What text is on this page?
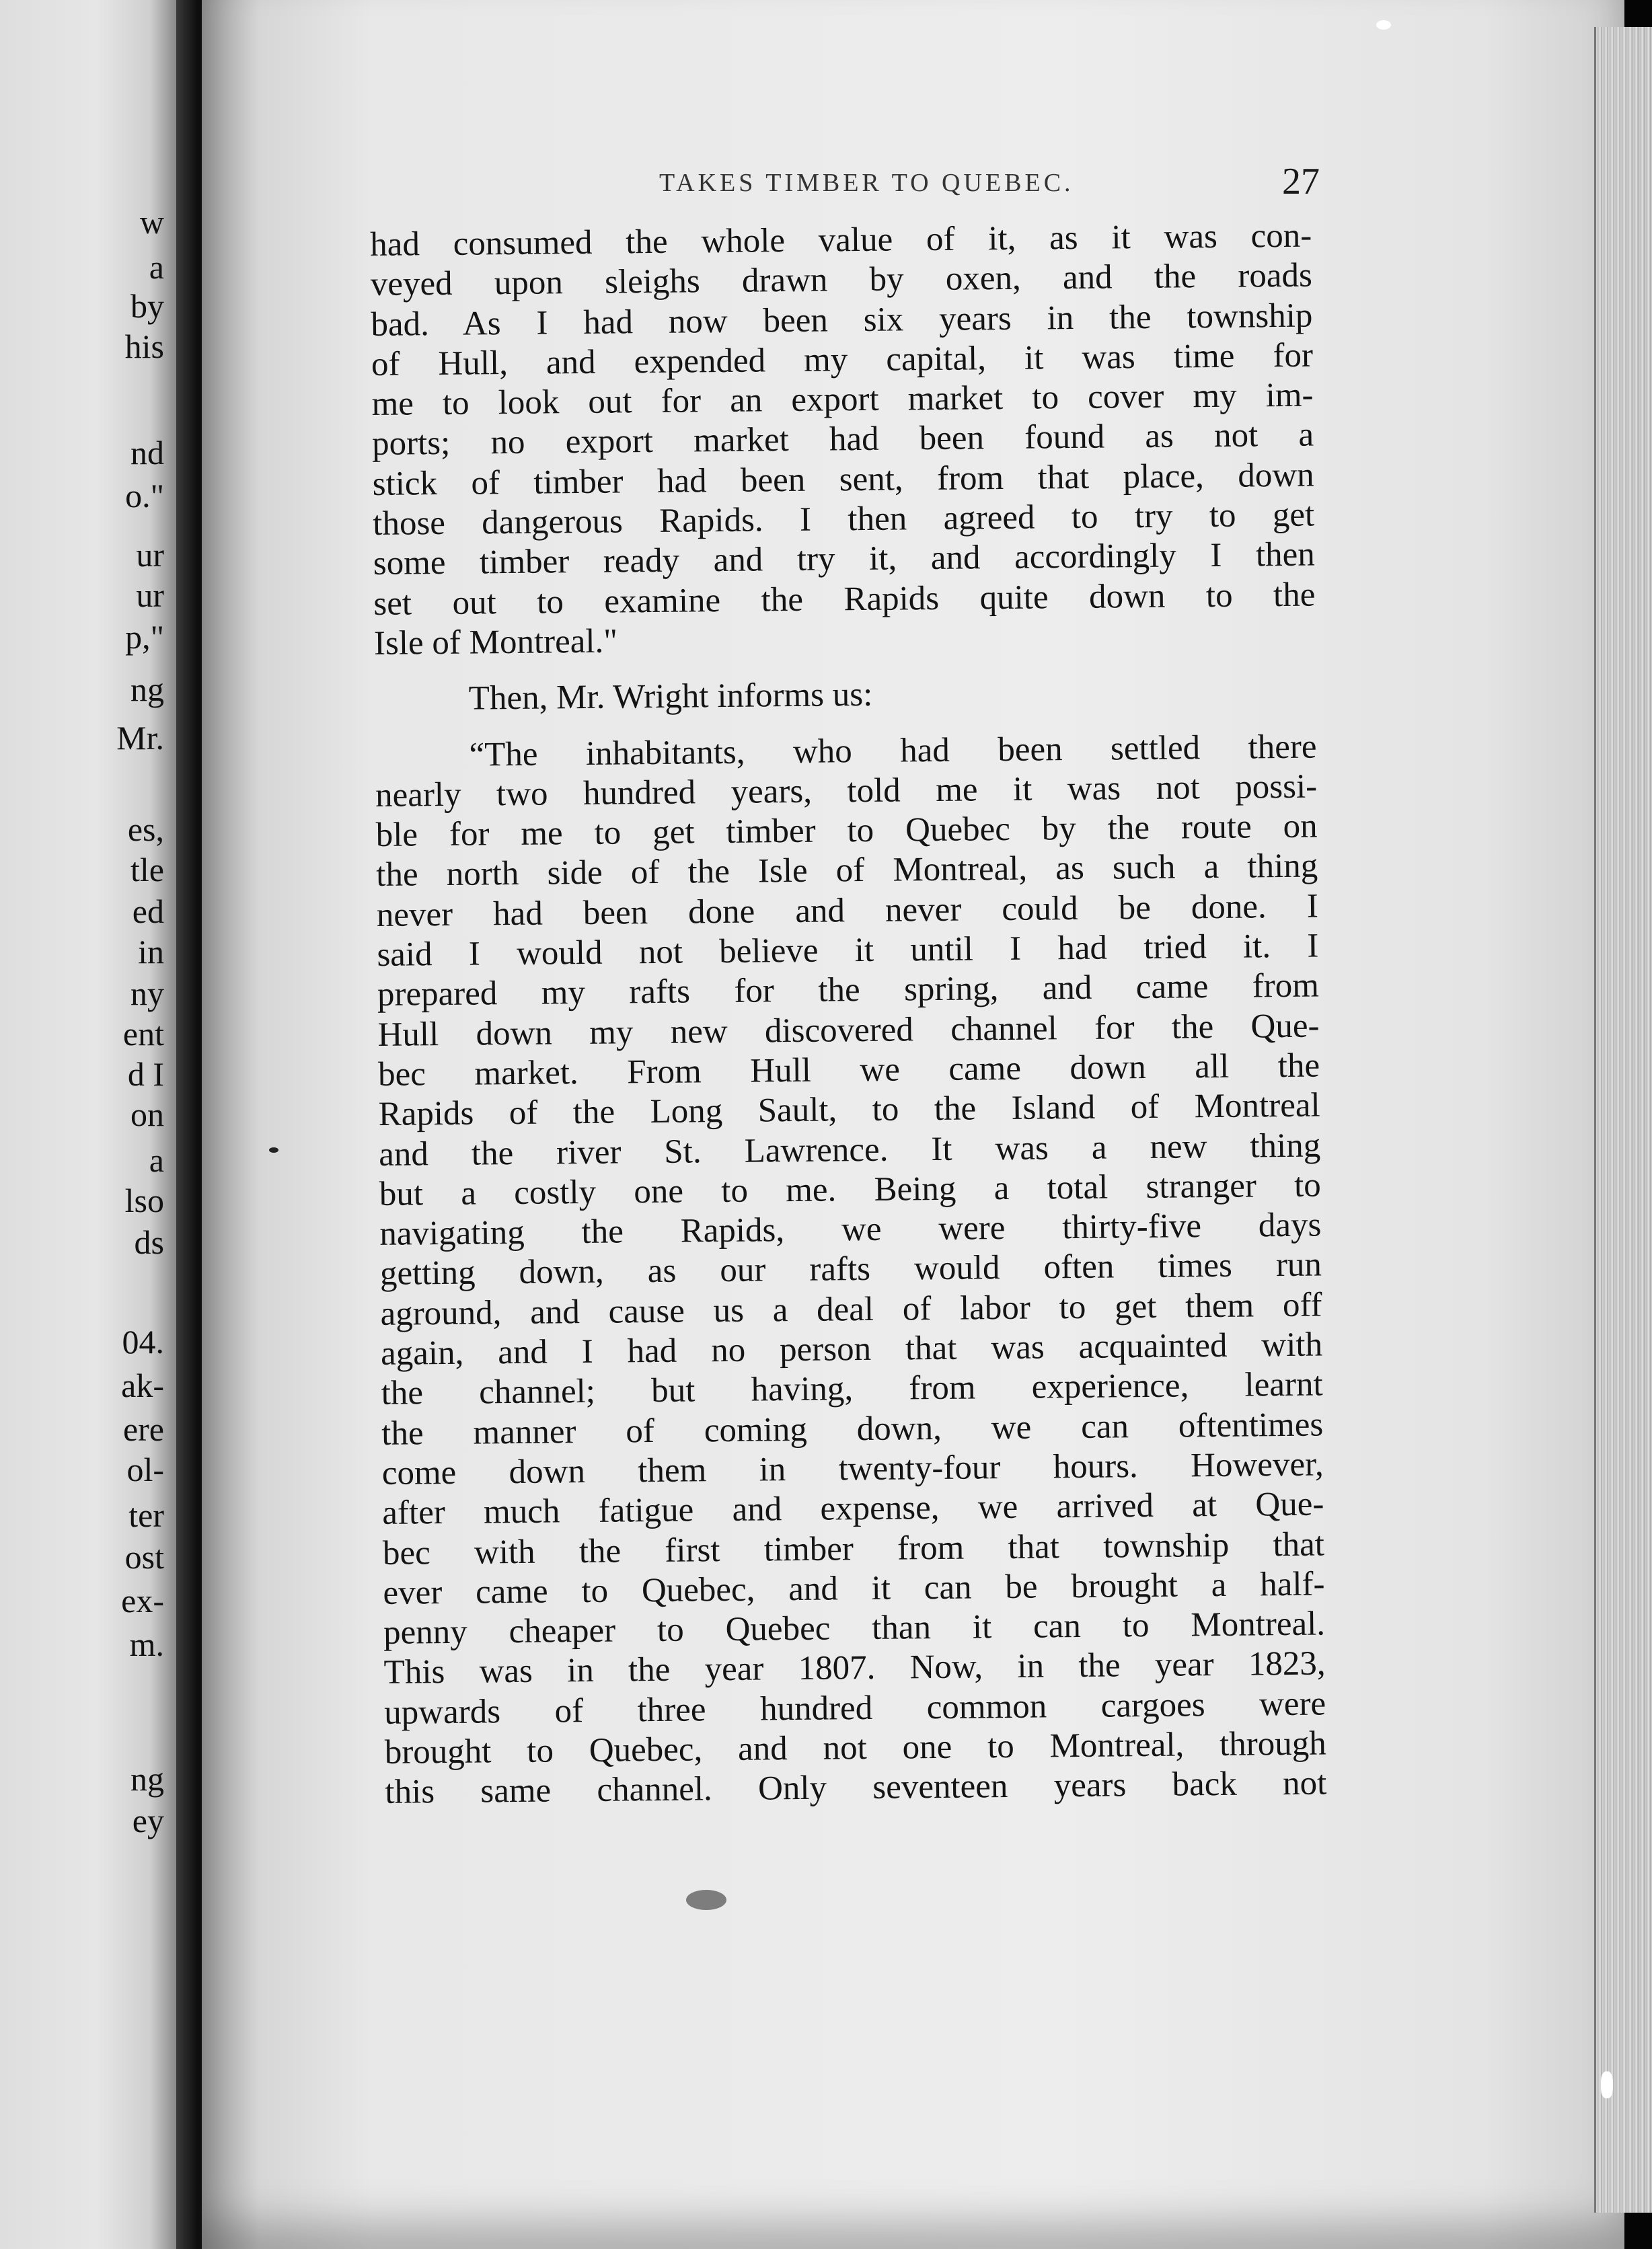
w
a
by
his
nd
o."
ur
ur
p,"
ng
Mr.
es,
tle
ed
in
ny
ent
d I
on
a
lso
ds
04.
ak-
ere
ol-
ter
ost
ex-
m.
ng
ey
TAKES TIMBER TO QUEBEC.	27
had consumed the whole value of it, as it was con-
veyed upon sleighs drawn by oxen, and the roads
bad. As I had now been six years in the township
of Hull, and expended my capital, it was time for
me to look out for an export market to cover my im-
ports; no export market had been found as not a
stick of timber had been sent, from that place, down
those dangerous Rapids. I then agreed to try to get
some timber ready and try it, and accordingly I then
set out to examine the Rapids quite down to the
Isle of Montreal."
Then, Mr. Wright informs us:
“The inhabitants, who had been settled there
nearly two hundred years, told me it was not possi-
ble for me to get timber to Quebec by the route on
the north side of the Isle of Montreal, as such a thing
never had been done and never could be done. I
said I would not believe it until I had tried it. I
prepared my rafts for the spring, and came from
Hull down my new discovered channel for the Que-
bec market. From Hull we came down all the
Rapids of the Long Sault, to the Island of Montreal
and the river St. Lawrence. It was a new thing
but a costly one to me. Being a total stranger to
navigating the Rapids, we were thirty-five days
getting down, as our rafts would often times run
aground, and cause us a deal of labor to get them off
again, and I had no person that was acquainted with
the channel; but having, from experience, learnt
the manner of coming down, we can oftentimes
come down them in twenty-four hours. However,
after much fatigue and expense, we arrived at Que-
bec with the first timber from that township that
ever came to Quebec, and it can be brought a half-
penny cheaper to Quebec than it can to Montreal.
This was in the year 1807. Now, in the year 1823,
upwards of three hundred common cargoes were
brought to Quebec, and not one to Montreal, through
this same channel. Only seventeen years back not
